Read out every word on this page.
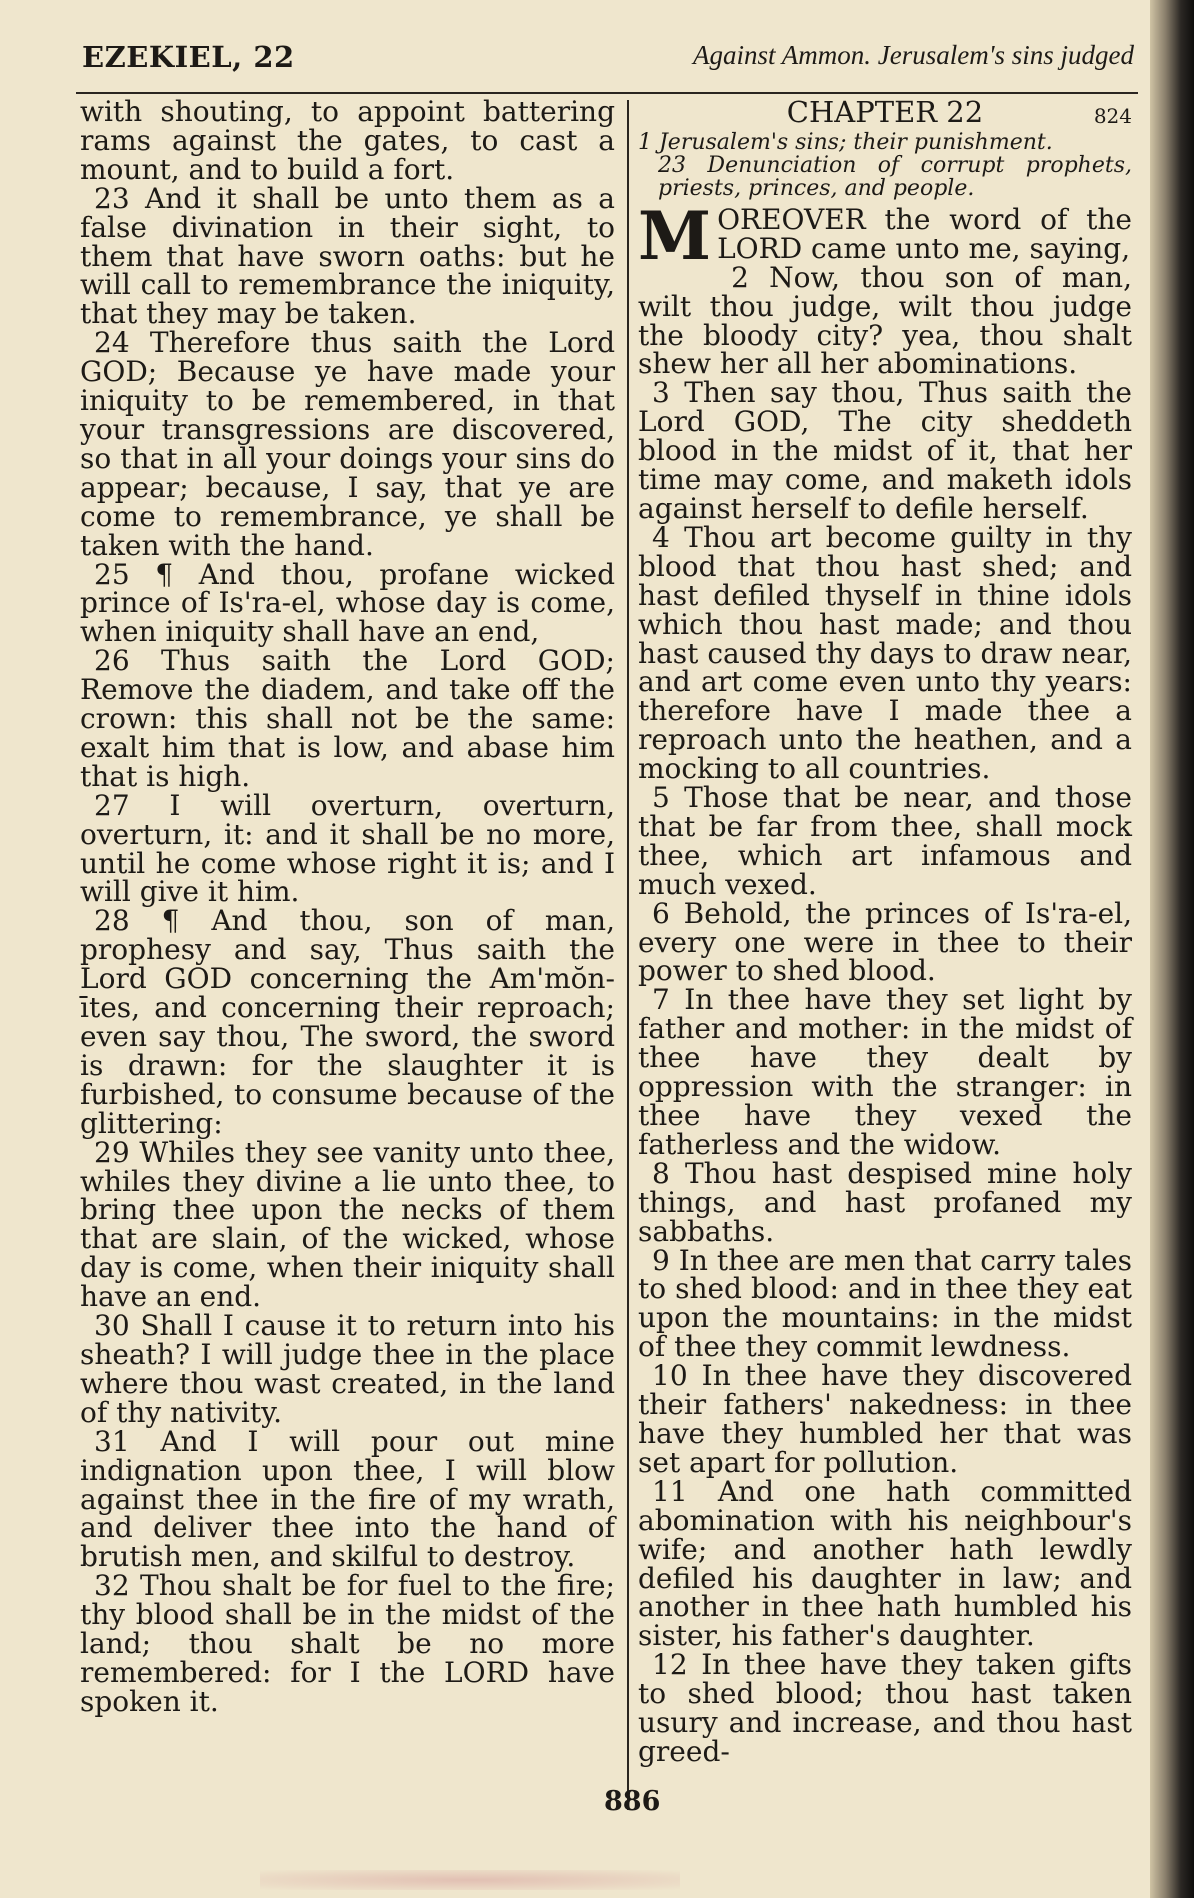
EZEKIEL, 22	Against Ammon. Jerusalem's sins judged

with shouting, to appoint battering rams against the gates, to cast a mount, and to build a fort.

23 And it shall be unto them as a false divination in their sight, to them that have sworn oaths: but he will call to remembrance the iniquity, that they may be taken.

24 Therefore thus saith the Lord GOD; Because ye have made your iniquity to be remembered, in that your transgressions are discovered, so that in all your doings your sins do appear; because, I say, that ye are come to remembrance, ye shall be taken with the hand.

25 ¶ And thou, profane wicked prince of Is'ra-el, whose day is come, when iniquity shall have an end,

26 Thus saith the Lord GOD; Remove the diadem, and take off the crown: this shall not be the same: exalt him that is low, and abase him that is high.

27 I will overturn, overturn, overturn, it: and it shall be no more, until he come whose right it is; and I will give it him.

28 ¶ And thou, son of man, prophesy and say, Thus saith the Lord GOD concerning the Am'mŏn-ītes, and concerning their reproach; even say thou, The sword, the sword is drawn: for the slaughter it is furbished, to consume because of the glittering:

29 Whiles they see vanity unto thee, whiles they divine a lie unto thee, to bring thee upon the necks of them that are slain, of the wicked, whose day is come, when their iniquity shall have an end.

30 Shall I cause it to return into his sheath? I will judge thee in the place where thou wast created, in the land of thy nativity.

31 And I will pour out mine indignation upon thee, I will blow against thee in the fire of my wrath, and deliver thee into the hand of brutish men, and skilful to destroy.

32 Thou shalt be for fuel to the fire; thy blood shall be in the midst of the land; thou shalt be no more remembered: for I the LORD have spoken it.

CHAPTER 22	824

1 Jerusalem's sins; their punishment.

23 Denunciation of corrupt prophets, priests, princes, and people.

MOREOVER the word of the LORD came unto me, saying,

2 Now, thou son of man, wilt thou judge, wilt thou judge the bloody city? yea, thou shalt shew her all her abominations.

3 Then say thou, Thus saith the Lord GOD, The city sheddeth blood in the midst of it, that her time may come, and maketh idols against herself to defile herself.

4 Thou art become guilty in thy blood that thou hast shed; and hast defiled thyself in thine idols which thou hast made; and thou hast caused thy days to draw near, and art come even unto thy years: therefore have I made thee a reproach unto the heathen, and a mocking to all countries.

5 Those that be near, and those that be far from thee, shall mock thee, which art infamous and much vexed.

6 Behold, the princes of Is'ra-el, every one were in thee to their power to shed blood.

7 In thee have they set light by father and mother: in the midst of thee have they dealt by oppression with the stranger: in thee have they vexed the fatherless and the widow.

8 Thou hast despised mine holy things, and hast profaned my sabbaths.

9 In thee are men that carry tales to shed blood: and in thee they eat upon the mountains: in the midst of thee they commit lewdness.

10 In thee have they discovered their fathers' nakedness: in thee have they humbled her that was set apart for pollution.

11 And one hath committed abomination with his neighbour's wife; and another hath lewdly defiled his daughter in law; and another in thee hath humbled his sister, his father's daughter.

12 In thee have they taken gifts to shed blood; thou hast taken usury and increase, and thou hast greed-

886
